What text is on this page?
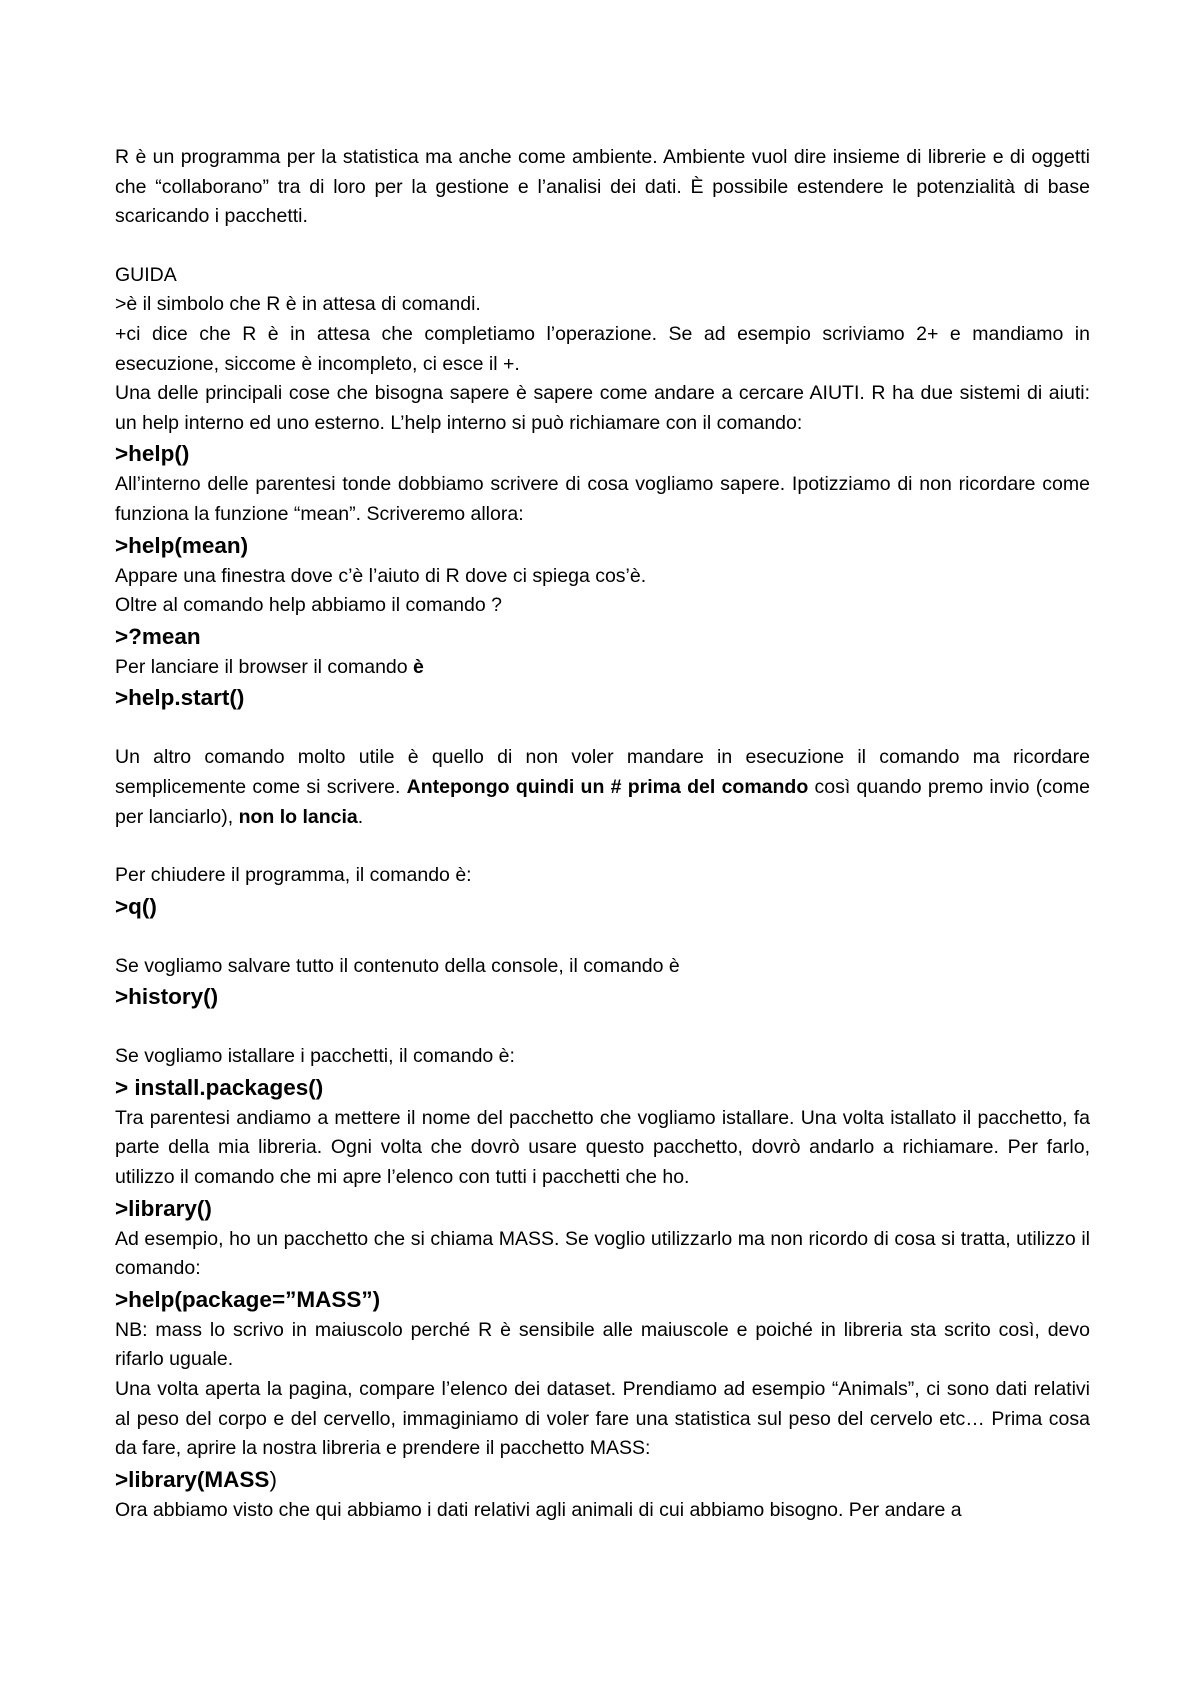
R è un programma per la statistica ma anche come ambiente. Ambiente vuol dire insieme di librerie e di oggetti che “collaborano” tra di loro per la gestione e l’analisi dei dati. È possibile estendere le potenzialità di base scaricando i pacchetti.

GUIDA

>è il simbolo che R è in attesa di comandi.

+ci dice che R è in attesa che completiamo l’operazione. Se ad esempio scriviamo 2+ e mandiamo in esecuzione, siccome è incompleto, ci esce il +.

Una delle principali cose che bisogna sapere è sapere come andare a cercare AIUTI. R ha due sistemi di aiuti: un help interno ed uno esterno. L’help interno si può richiamare con il comando:

>help()

All’interno delle parentesi tonde dobbiamo scrivere di cosa vogliamo sapere. Ipotizziamo di non ricordare come funziona la funzione “mean”. Scriveremo allora:

>help(mean)

Appare una finestra dove c’è l’aiuto di R dove ci spiega cos’è.

Oltre al comando help abbiamo il comando ?

>?mean

Per lanciare il browser il comando è

>help.start()

Un altro comando molto utile è quello di non voler mandare in esecuzione il comando ma ricordare semplicemente come si scrivere. Antepongo quindi un # prima del comando così quando premo invio (come per lanciarlo), non lo lancia.

Per chiudere il programma, il comando è:

>q()

Se vogliamo salvare tutto il contenuto della console, il comando è

>history()

Se vogliamo istallare i pacchetti, il comando è:

> install.packages()

Tra parentesi andiamo a mettere il nome del pacchetto che vogliamo istallare. Una volta istallato il pacchetto, fa parte della mia libreria. Ogni volta che dovrò usare questo pacchetto, dovrò andarlo a richiamare. Per farlo, utilizzo il comando che mi apre l’elenco con tutti i pacchetti che ho.

>library()

Ad esempio, ho un pacchetto che si chiama MASS. Se voglio utilizzarlo ma non ricordo di cosa si tratta, utilizzo il comando:

>help(package=”MASS”)

NB: mass lo scrivo in maiuscolo perché R è sensibile alle maiuscole e poiché in libreria sta scrito così, devo rifarlo uguale.

Una volta aperta la pagina, compare l’elenco dei dataset. Prendiamo ad esempio “Animals”, ci sono dati relativi al peso del corpo e del cervello, immaginiamo di voler fare una statistica sul peso del cervelo etc… Prima cosa da fare, aprire la nostra libreria e prendere il pacchetto MASS:

>library(MASS)

Ora abbiamo visto che qui abbiamo i dati relativi agli animali di cui abbiamo bisogno. Per andare a
